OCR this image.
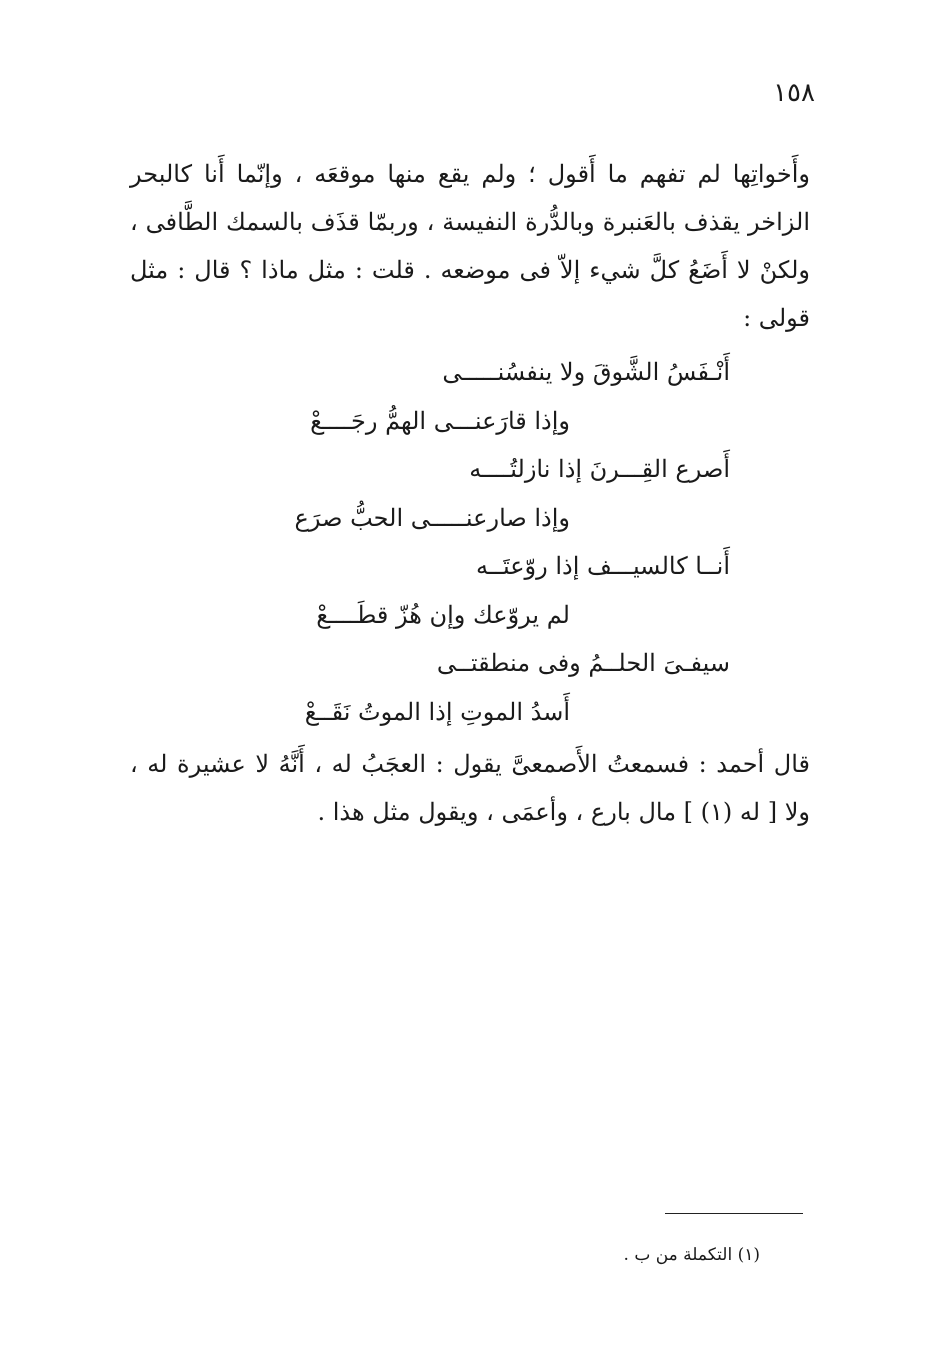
١٥٨

وأَخواتِها لم تفهم ما أَقول ؛ ولم يقع منها موقعَه ، وإنّما أَنا كالبحر الزاخر يقذف بالعَنبرة وبالدُّرة النفيسة ، وربمّا قذَف بالسمك الطَّافى ، ولكنْ لا أَضَعُ كلَّ شيء إلاّ فى موضعه . قلت : مثل ماذا ؟ قال : مثل قولى :

أَنْـفَسُ الشَّوقَ ولا ينفسُنـــــى
وإذا قارَعنـــى الهمُّ رجَــــعْ
أَصرع القِـــرنَ إذا نازلتُــــه
وإذا صارعنـــــى الحبُّ صرَع
أَنــا كالسيـــف إذا روّعتَــه
لم يروّعك وإن هُزّ قطَــــعْ
سيفـىَ الحلــمُ وفى منطقتــى
أَسدُ الموتِ إذا الموتُ نَقَــعْ

قال أحمد : فسمعتُ الأَصمعىَّ يقول : العجَبُ له ، أَنَّهُ لا عشيرة له ، ولا [ له (١) ] مال بارع ، وأعمَى ، ويقول مثل هذا .

(١) التكملة من ب .
